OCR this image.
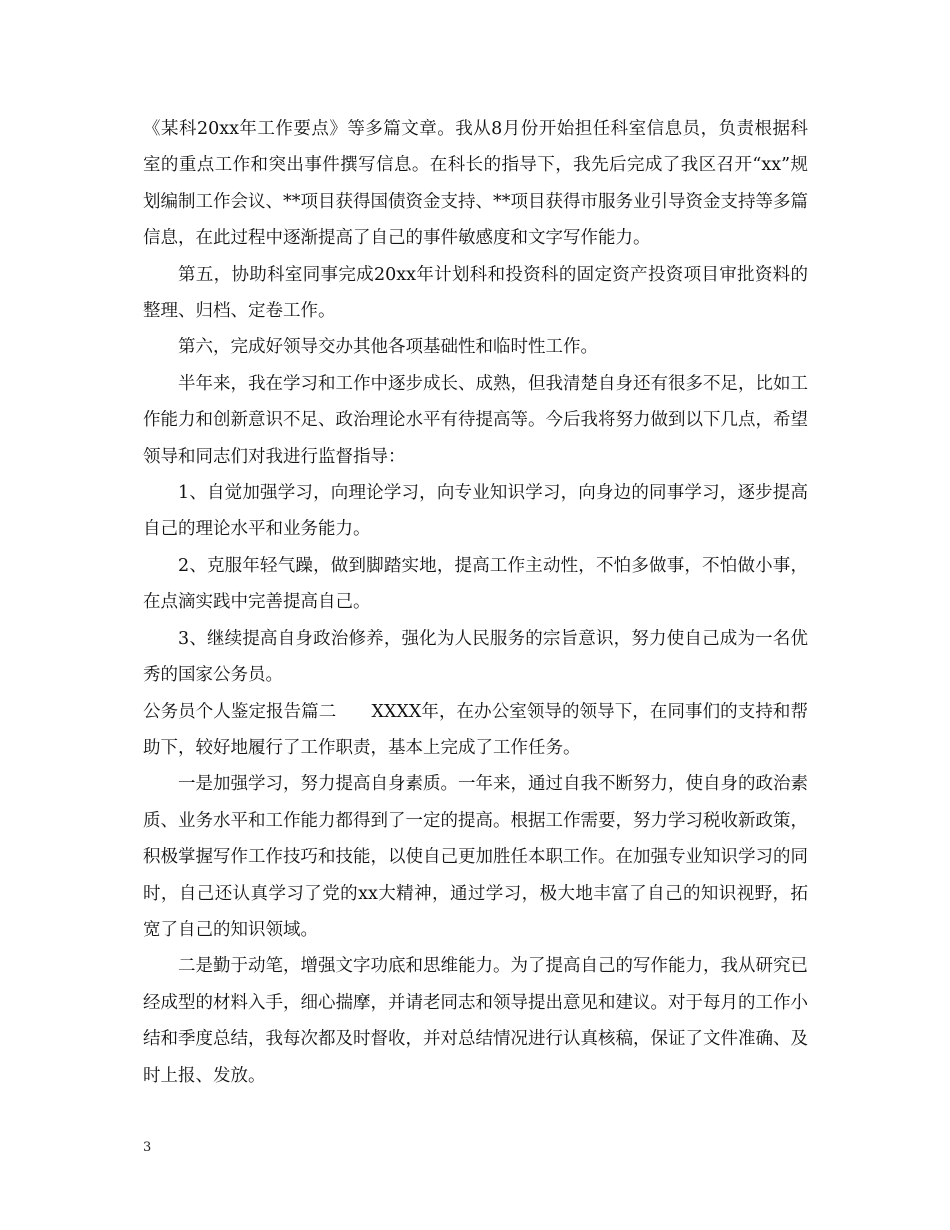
《某科20xx年工作要点》等多篇文章。我从8月份开始担任科室信息员，负责根据科室的重点工作和突出事件撰写信息。在科长的指导下，我先后完成了我区召开“xx”规划编制工作会议、**项目获得国债资金支持、**项目获得市服务业引导资金支持等多篇信息，在此过程中逐渐提高了自己的事件敏感度和文字写作能力。

第五，协助科室同事完成20xx年计划科和投资科的固定资产投资项目审批资料的整理、归档、定卷工作。

第六，完成好领导交办其他各项基础性和临时性工作。

半年来，我在学习和工作中逐步成长、成熟，但我清楚自身还有很多不足，比如工作能力和创新意识不足、政治理论水平有待提高等。今后我将努力做到以下几点，希望领导和同志们对我进行监督指导：

1、自觉加强学习，向理论学习，向专业知识学习，向身边的同事学习，逐步提高自己的理论水平和业务能力。

2、克服年轻气躁，做到脚踏实地，提高工作主动性，不怕多做事，不怕做小事，在点滴实践中完善提高自己。

3、继续提高自身政治修养，强化为人民服务的宗旨意识，努力使自己成为一名优秀的国家公务员。

公务员个人鉴定报告篇二　　XXXX年，在办公室领导的领导下，在同事们的支持和帮助下，较好地履行了工作职责，基本上完成了工作任务。

一是加强学习，努力提高自身素质。一年来，通过自我不断努力，使自身的政治素质、业务水平和工作能力都得到了一定的提高。根据工作需要，努力学习税收新政策，积极掌握写作工作技巧和技能，以使自己更加胜任本职工作。在加强专业知识学习的同时，自己还认真学习了党的xx大精神，通过学习，极大地丰富了自己的知识视野，拓宽了自己的知识领域。

二是勤于动笔，增强文字功底和思维能力。为了提高自己的写作能力，我从研究已经成型的材料入手，细心揣摩，并请老同志和领导提出意见和建议。对于每月的工作小结和季度总结，我每次都及时督收，并对总结情况进行认真核稿，保证了文件准确、及时上报、发放。

3
